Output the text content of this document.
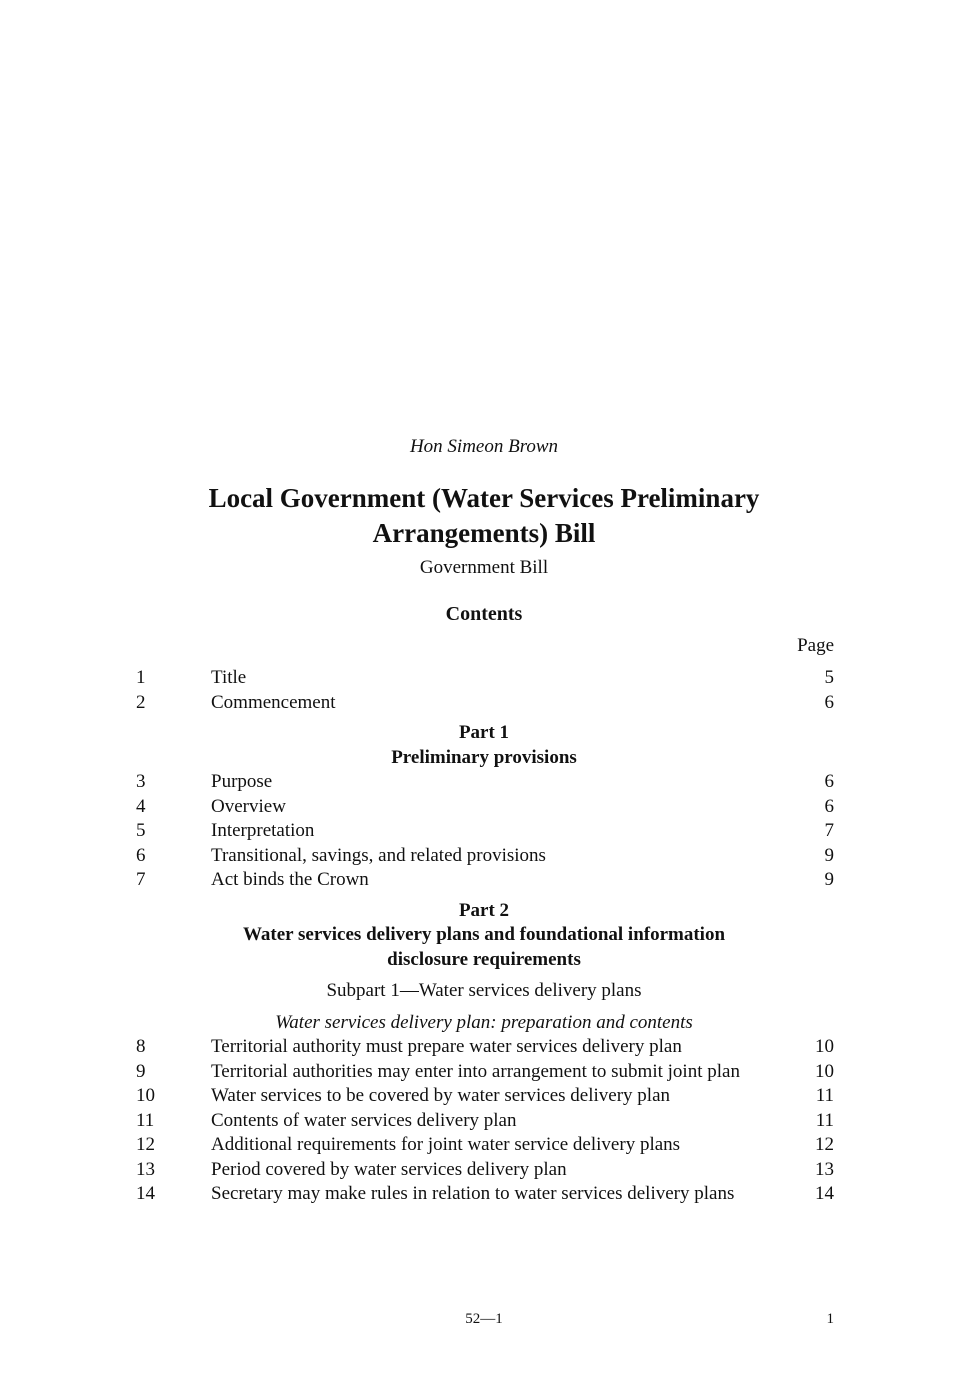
Hon Simeon Brown
Local Government (Water Services Preliminary Arrangements) Bill
Government Bill
Contents
Page
1	Title	5
2	Commencement	6
Part 1
Preliminary provisions
3	Purpose	6
4	Overview	6
5	Interpretation	7
6	Transitional, savings, and related provisions	9
7	Act binds the Crown	9
Part 2
Water services delivery plans and foundational information disclosure requirements
Subpart 1—Water services delivery plans
Water services delivery plan: preparation and contents
8	Territorial authority must prepare water services delivery plan	10
9	Territorial authorities may enter into arrangement to submit joint plan	10
10	Water services to be covered by water services delivery plan	11
11	Contents of water services delivery plan	11
12	Additional requirements for joint water service delivery plans	12
13	Period covered by water services delivery plan	13
14	Secretary may make rules in relation to water services delivery plans	14
52—1	1
